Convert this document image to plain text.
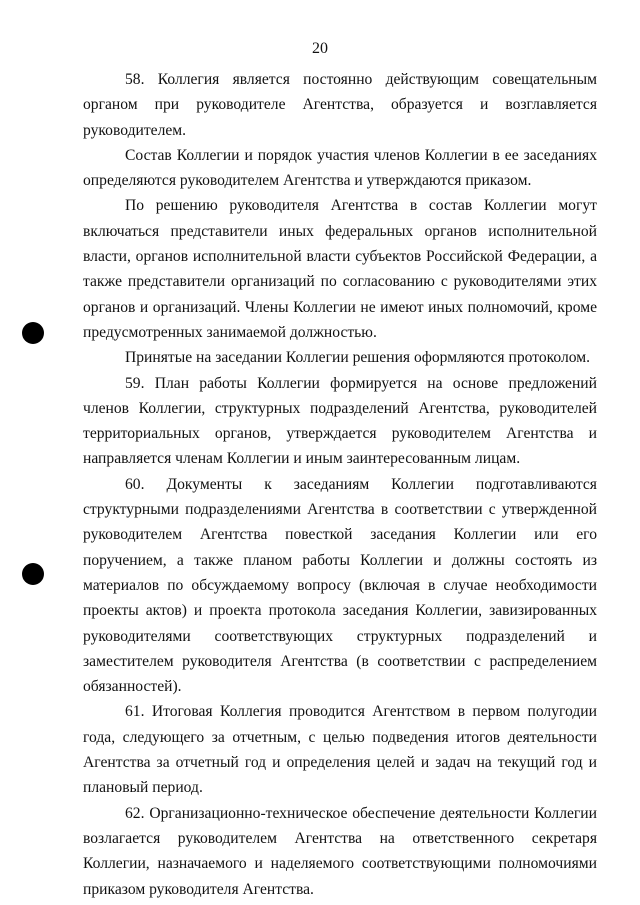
20

58. Коллегия является постоянно действующим совещательным органом при руководителе Агентства, образуется и возглавляется руководителем.

Состав Коллегии и порядок участия членов Коллегии в ее заседаниях определяются руководителем Агентства и утверждаются приказом.

По решению руководителя Агентства в состав Коллегии могут включаться представители иных федеральных органов исполнительной власти, органов исполнительной власти субъектов Российской Федерации, а также представители организаций по согласованию с руководителями этих органов и организаций. Члены Коллегии не имеют иных полномочий, кроме предусмотренных занимаемой должностью.

Принятые на заседании Коллегии решения оформляются протоколом.

59. План работы Коллегии формируется на основе предложений членов Коллегии, структурных подразделений Агентства, руководителей территориальных органов, утверждается руководителем Агентства и направляется членам Коллегии и иным заинтересованным лицам.

60. Документы к заседаниям Коллегии подготавливаются структурными подразделениями Агентства в соответствии с утвержденной руководителем Агентства повесткой заседания Коллегии или его поручением, а также планом работы Коллегии и должны состоять из материалов по обсуждаемому вопросу (включая в случае необходимости проекты актов) и проекта протокола заседания Коллегии, завизированных руководителями соответствующих структурных подразделений и заместителем руководителя Агентства (в соответствии с распределением обязанностей).

61. Итоговая Коллегия проводится Агентством в первом полугодии года, следующего за отчетным, с целью подведения итогов деятельности Агентства за отчетный год и определения целей и задач на текущий год и плановый период.

62. Организационно-техническое обеспечение деятельности Коллегии возлагается руководителем Агентства на ответственного секретаря Коллегии, назначаемого и наделяемого соответствующими полномочиями приказом руководителя Агентства.
